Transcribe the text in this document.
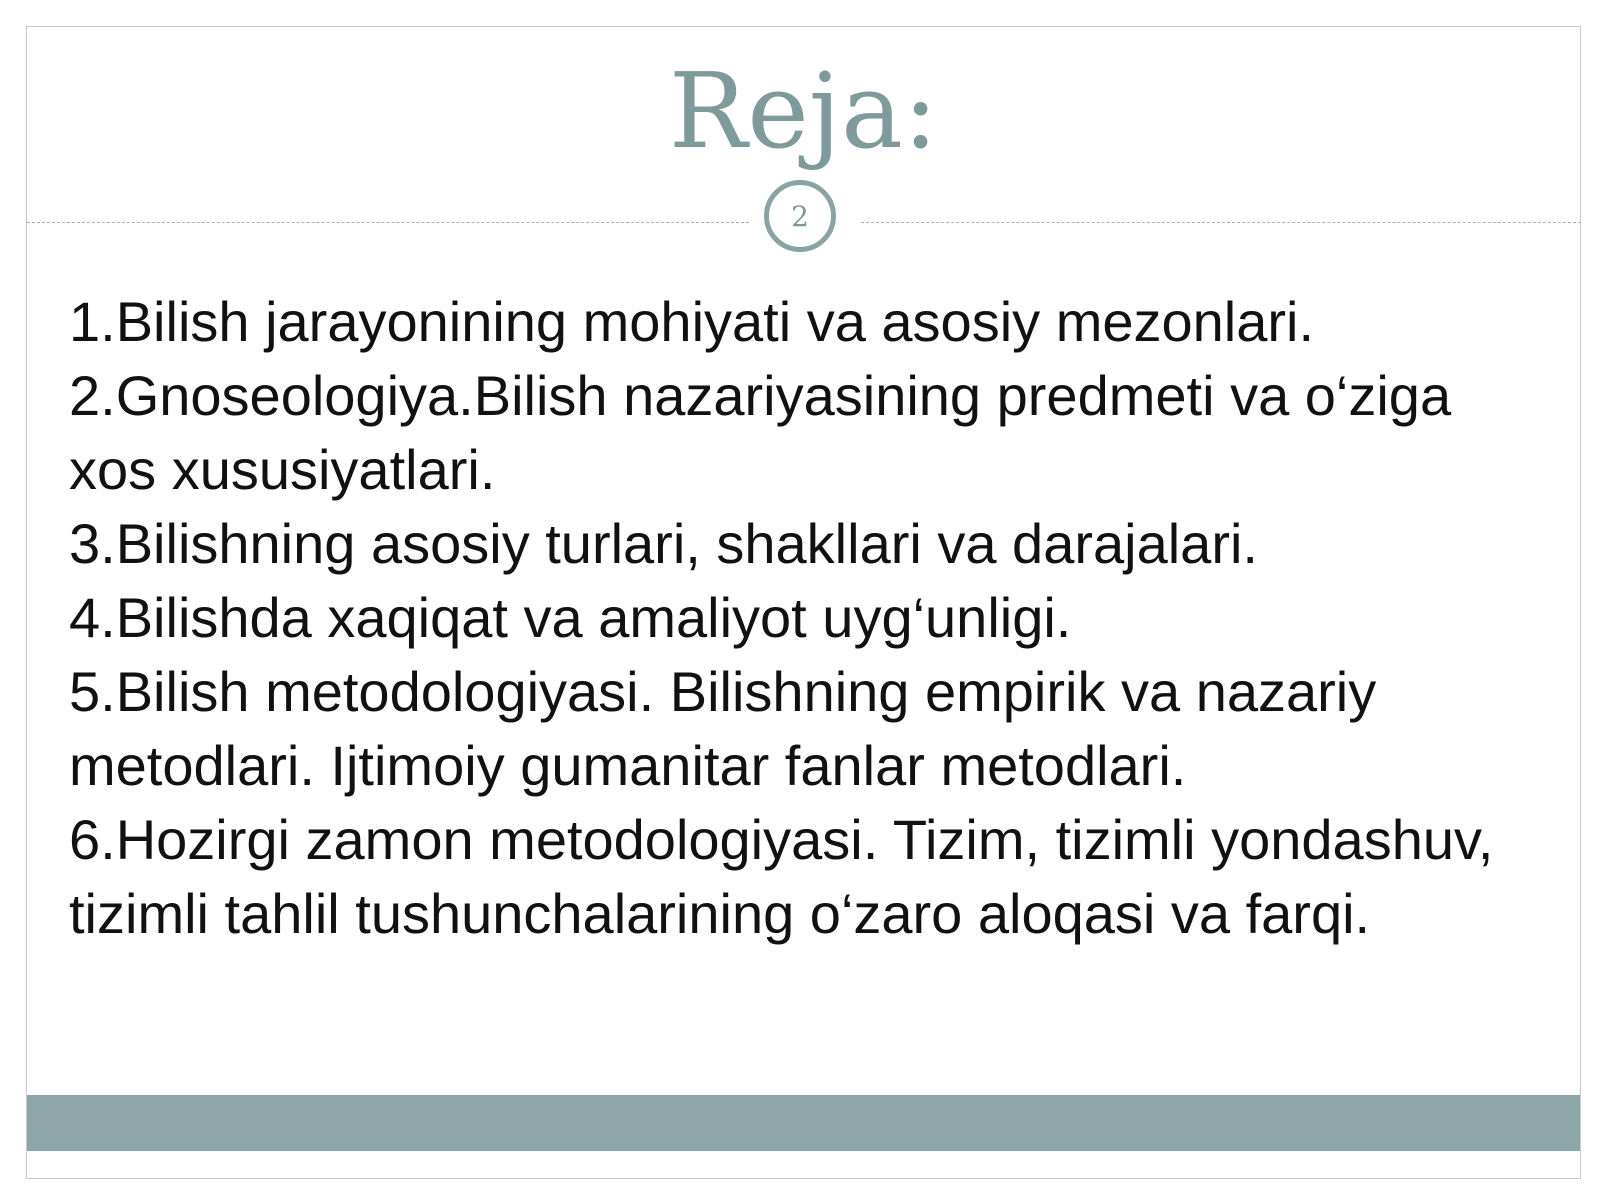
Reja:
2
1.Bilish jarayonining mohiyati va asosiy mezonlari.
2.Gnoseologiya.Bilish nazariyasining predmeti va o‘ziga xos xususiyatlari.
3.Bilishning asosiy turlari, shakllari va darajalari.
4.Bilishda xaqiqat va amaliyot uyg‘unligi.
5.Bilish metodologiyasi. Bilishning empirik va nazariy metodlari. Ijtimoiy gumanitar fanlar metodlari.
6.Hozirgi zamon metodologiyasi. Tizim, tizimli yondashuv, tizimli tahlil tushunchalarining o‘zaro aloqasi va farqi.
